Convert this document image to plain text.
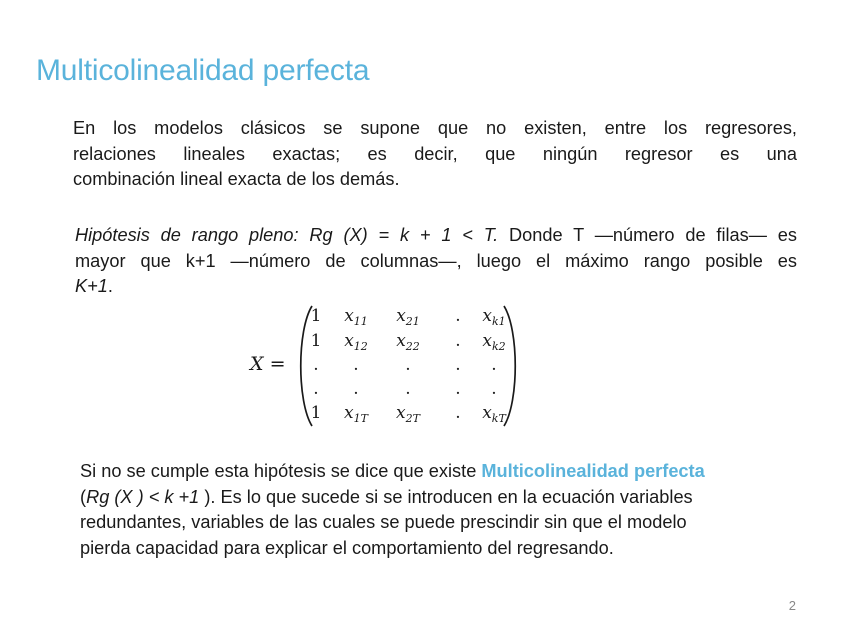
Multicolinealidad perfecta

En los modelos clásicos se supone que no existen, entre los regresores,
relaciones lineales exactas; es decir, que ningún regresor es una
combinación lineal exacta de los demás.

Hipótesis de rango pleno: Rg (X) = k + 1 < T. Donde T —número de filas— es
mayor que k+1 —número de columnas—, luego el máximo rango posible es
K+1.

X =
1	$x_{11}$	$x_{21}$	.	$x_{k1}$
1	$x_{12}$	$x_{22}$	.	$x_{k2}$
.	.	.	.	.
.	.	.	.	.
1	$x_{1T}$	$x_{2T}$	.	$x_{kT}$

Si no se cumple esta hipótesis se dice que existe Multicolinealidad perfecta
(Rg (X ) < k +1 ). Es lo que sucede si se introducen en la ecuación variables
redundantes, variables de las cuales se puede prescindir sin que el modelo
pierda capacidad para explicar el comportamiento del regresando.

2
